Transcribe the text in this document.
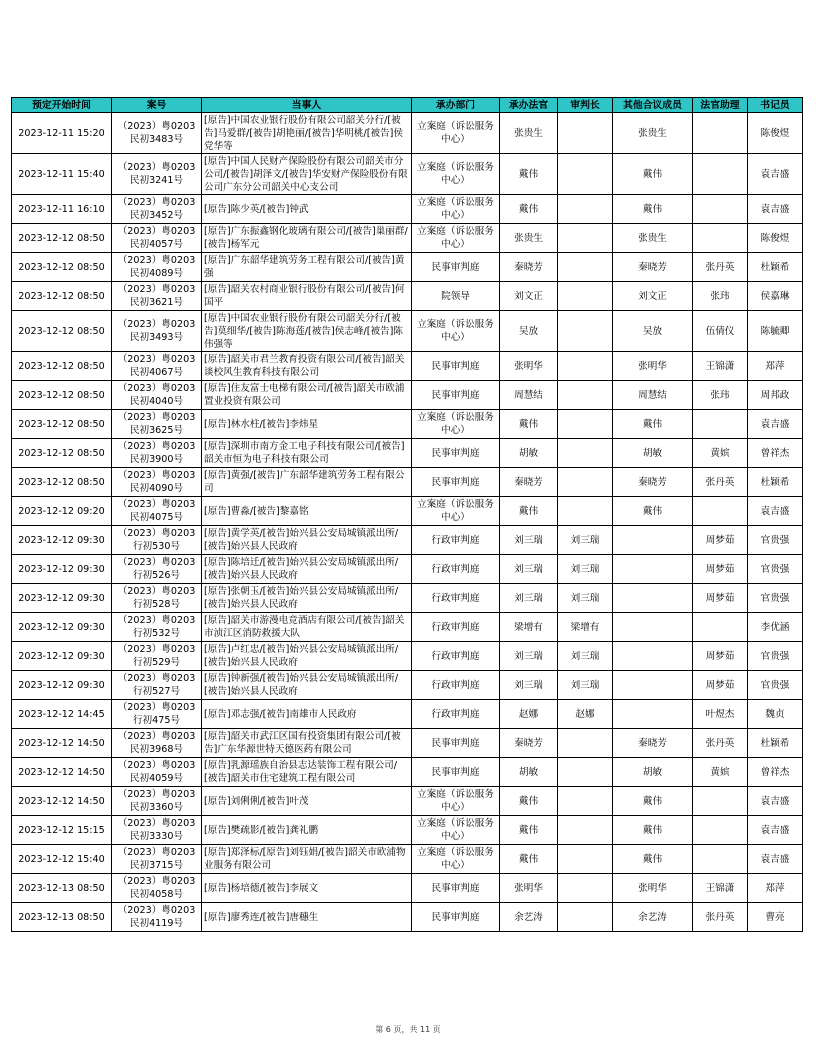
预定开始时间	案号	当事人	承办部门	承办法官	审判长	其他合议成员	法官助理	书记员
2023-12-11 15:20	（2023）粤0203民初3483号	[原告]中国农业银行股份有限公司韶关分行/[被告]马爱群/[被告]胡艳丽/[被告]华明桃/[被告]侯党华等	立案庭（诉讼服务中心）	张贵生		张贵生		陈俊煜
2023-12-11 15:40	（2023）粤0203民初3241号	[原告]中国人民财产保险股份有限公司韶关市分公司/[被告]胡泽文/[被告]华安财产保险股份有限公司广东分公司韶关中心支公司	立案庭（诉讼服务中心）	戴伟		戴伟		袁吉盛
2023-12-11 16:10	（2023）粤0203民初3452号	[原告]陈少英/[被告]钟武	立案庭（诉讼服务中心）	戴伟		戴伟		袁吉盛
2023-12-12 08:50	（2023）粤0203民初4057号	[原告]广东振鑫钢化玻璃有限公司/[被告]巢丽群/[被告]杨军元	立案庭（诉讼服务中心）	张贵生		张贵生		陈俊煜
2023-12-12 08:50	（2023）粤0203民初4089号	[原告]广东韶华建筑劳务工程有限公司/[被告]黄强	民事审判庭	秦晓芳		秦晓芳	张丹英	杜颖希
2023-12-12 08:50	（2023）粤0203民初3621号	[原告]韶关农村商业银行股份有限公司/[被告]何国平	院领导	刘文正		刘文正	张玮	侯嘉琳
2023-12-12 08:50	（2023）粤0203民初3493号	[原告]中国农业银行股份有限公司韶关分行/[被告]莫细华/[被告]陈海莲/[被告]侯志峰/[被告]陈伟强等	立案庭（诉讼服务中心）	吴放		吴放	伍倩仪	陈毓卿
2023-12-12 08:50	（2023）粤0203民初4067号	[原告]韶关市君兰教育投资有限公司/[被告]韶关谈校风生教育科技有限公司	民事审判庭	张明华		张明华	王锦潇	郑萍
2023-12-12 08:50	（2023）粤0203民初4040号	[原告]住友富士电梯有限公司/[被告]韶关市欧浦置业投资有限公司	民事审判庭	周慧结		周慧结	张玮	周邦政
2023-12-12 08:50	（2023）粤0203民初3625号	[原告]林水柱/[被告]李炜星	立案庭（诉讼服务中心）	戴伟		戴伟		袁吉盛
2023-12-12 08:50	（2023）粤0203民初3900号	[原告]深圳市南方金工电子科技有限公司/[被告]韶关市恒为电子科技有限公司	民事审判庭	胡敏		胡敏	黄嫔	曾祥杰
2023-12-12 08:50	（2023）粤0203民初4090号	[原告]黄强/[被告]广东韶华建筑劳务工程有限公司	民事审判庭	秦晓芳		秦晓芳	张丹英	杜颖希
2023-12-12 09:20	（2023）粤0203民初4075号	[原告]曹淼/[被告]黎嘉铭	立案庭（诉讼服务中心）	戴伟		戴伟		袁吉盛
2023-12-12 09:30	（2023）粤0203行初530号	[原告]黄学英/[被告]始兴县公安局城镇派出所/[被告]始兴县人民政府	行政审判庭	刘三瑞	刘三瑞		周梦茹	官贵强
2023-12-12 09:30	（2023）粤0203行初526号	[原告]陈培迁/[被告]始兴县公安局城镇派出所/[被告]始兴县人民政府	行政审判庭	刘三瑞	刘三瑞		周梦茹	官贵强
2023-12-12 09:30	（2023）粤0203行初528号	[原告]张朝玉/[被告]始兴县公安局城镇派出所/[被告]始兴县人民政府	行政审判庭	刘三瑞	刘三瑞		周梦茹	官贵强
2023-12-12 09:30	（2023）粤0203行初532号	[原告]韶关市游漫电竞酒店有限公司/[被告]韶关市浈江区消防救援大队	行政审判庭	梁增有	梁增有			李优涵
2023-12-12 09:30	（2023）粤0203行初529号	[原告]卢红忠/[被告]始兴县公安局城镇派出所/[被告]始兴县人民政府	行政审判庭	刘三瑞	刘三瑞		周梦茹	官贵强
2023-12-12 09:30	（2023）粤0203行初527号	[原告]钟新强/[被告]始兴县公安局城镇派出所/[被告]始兴县人民政府	行政审判庭	刘三瑞	刘三瑞		周梦茹	官贵强
2023-12-12 14:45	（2023）粤0203行初475号	[原告]邓志强/[被告]南雄市人民政府	行政审判庭	赵娜	赵娜		叶煜杰	魏贞
2023-12-12 14:50	（2023）粤0203民初3968号	[原告]韶关市武江区国有投资集团有限公司/[被告]广东华源世特天德医药有限公司	民事审判庭	秦晓芳		秦晓芳	张丹英	杜颖希
2023-12-12 14:50	（2023）粤0203民初4059号	[原告]乳源瑶族自治县志达装饰工程有限公司/[被告]韶关市住宅建筑工程有限公司	民事审判庭	胡敏		胡敏	黄嫔	曾祥杰
2023-12-12 14:50	（2023）粤0203民初3360号	[原告]刘俐俐/[被告]叶茂	立案庭（诉讼服务中心）	戴伟		戴伟		袁吉盛
2023-12-12 15:15	（2023）粤0203民初3330号	[原告]樊疏影/[被告]龚礼鹏	立案庭（诉讼服务中心）	戴伟		戴伟		袁吉盛
2023-12-12 15:40	（2023）粤0203民初3715号	[原告]郑泽标/[原告]刘钰娟/[被告]韶关市欧浦物业服务有限公司	立案庭（诉讼服务中心）	戴伟		戴伟		袁吉盛
2023-12-13 08:50	（2023）粤0203民初4058号	[原告]杨培德/[被告]李展文	民事审判庭	张明华		张明华	王锦潇	郑萍
2023-12-13 08:50	（2023）粤0203民初4119号	[原告]廖秀连/[被告]唐穗生	民事审判庭	余艺涛		余艺涛	张丹英	曹亮
第 6 页，共 11 页
